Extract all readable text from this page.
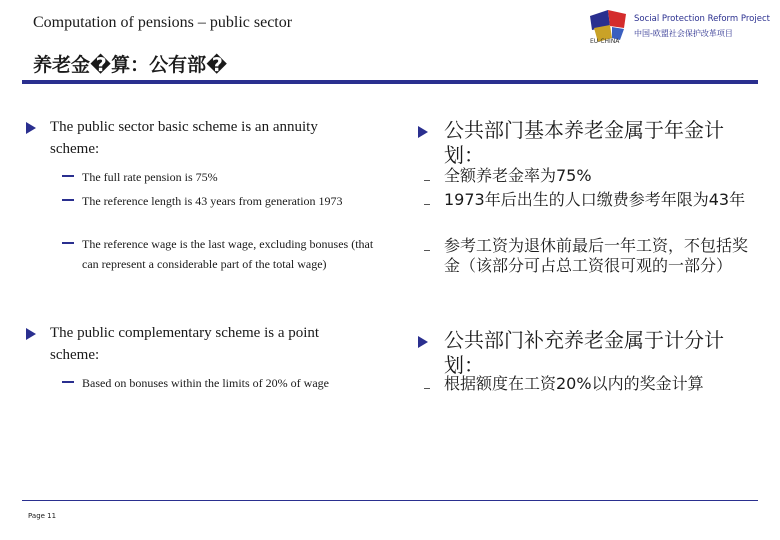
Computation of pensions – public sector
养老金�算：公有部�
Social Protection Reform Project
中国-欧盟社会保护改革项目
EU-CHINA
The public sector basic scheme is an annuity scheme:
The full rate pension is 75%
The reference length is 43 years from generation 1973
The reference wage is the last wage, excluding bonuses (that can represent a considerable part of the total wage)
The public complementary scheme is a point scheme:
Based on bonuses within the limits of 20% of wage
公共部门基本养老金属于年金计划：
全额养老金率为75%
1973年后出生的人口缴费参考年限为43年
参考工资为退休前最后一年工资，不包括奖金（该部分可占总工资很可观的一部分）
公共部门补充养老金属于计分计划：
根据额度在工资20%以内的奖金计算
Page 11
